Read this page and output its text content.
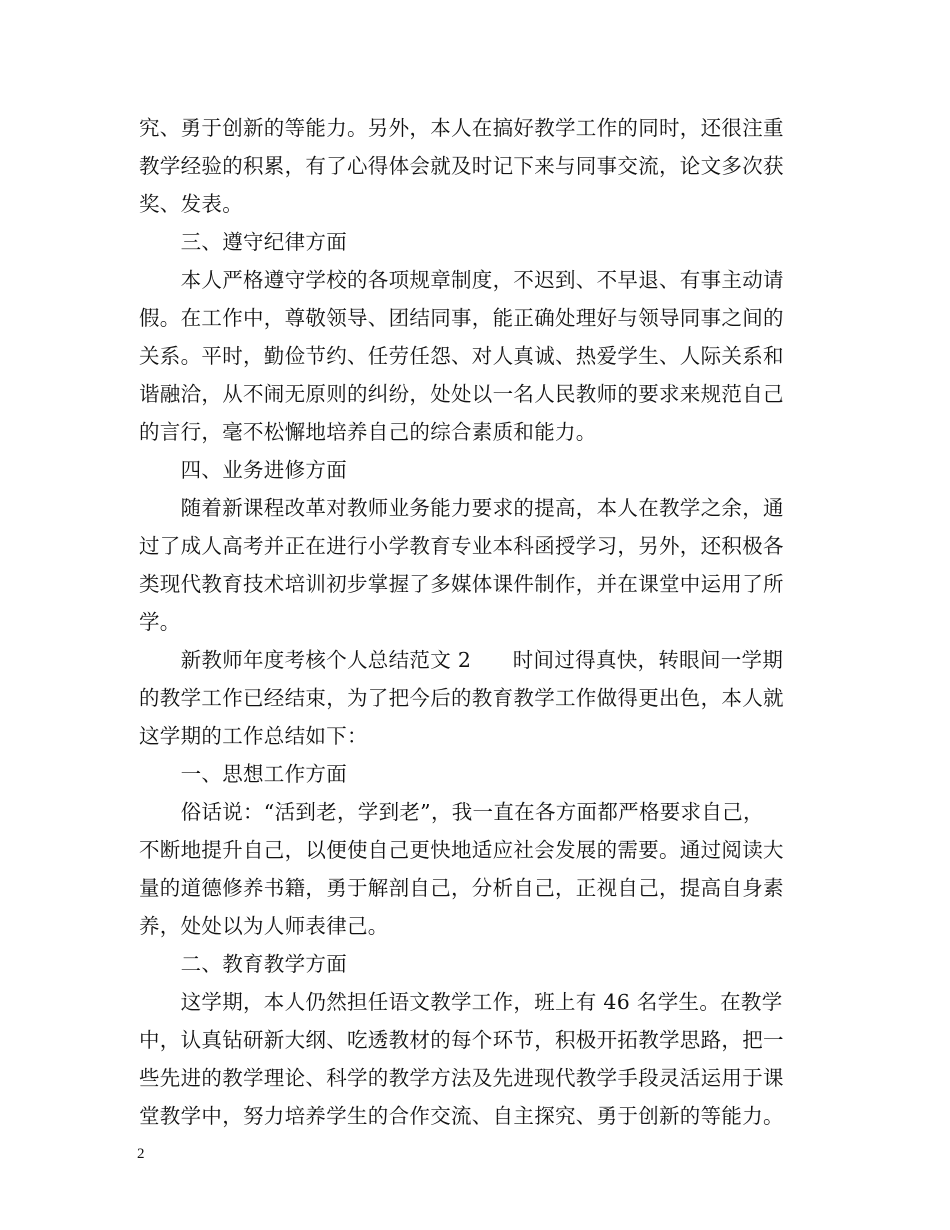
究、勇于创新的等能力。另外，本人在搞好教学工作的同时，还很注重
教学经验的积累，有了心得体会就及时记下来与同事交流，论文多次获
奖、发表。
　　三、遵守纪律方面
　　本人严格遵守学校的各项规章制度，不迟到、不早退、有事主动请
假。在工作中，尊敬领导、团结同事，能正确处理好与领导同事之间的
关系。平时，勤俭节约、任劳任怨、对人真诚、热爱学生、人际关系和
谐融洽，从不闹无原则的纠纷，处处以一名人民教师的要求来规范自己
的言行，毫不松懈地培养自己的综合素质和能力。
　　四、业务进修方面
　　随着新课程改革对教师业务能力要求的提高，本人在教学之余，通
过了成人高考并正在进行小学教育专业本科函授学习，另外，还积极各
类现代教育技术培训初步掌握了多媒体课件制作，并在课堂中运用了所
学。
　　新教师年度考核个人总结范文 2　　时间过得真快，转眼间一学期
的教学工作已经结束，为了把今后的教育教学工作做得更出色，本人就
这学期的工作总结如下：
　　一、思想工作方面
　　俗话说：“活到老，学到老”，我一直在各方面都严格要求自己，
不断地提升自己，以便使自己更快地适应社会发展的需要。通过阅读大
量的道德修养书籍，勇于解剖自己，分析自己，正视自己，提高自身素
养，处处以为人师表律己。
　　二、教育教学方面
　　这学期，本人仍然担任语文教学工作，班上有 46 名学生。在教学
中，认真钻研新大纲、吃透教材的每个环节，积极开拓教学思路，把一
些先进的教学理论、科学的教学方法及先进现代教学手段灵活运用于课
堂教学中，努力培养学生的合作交流、自主探究、勇于创新的等能力。
2
